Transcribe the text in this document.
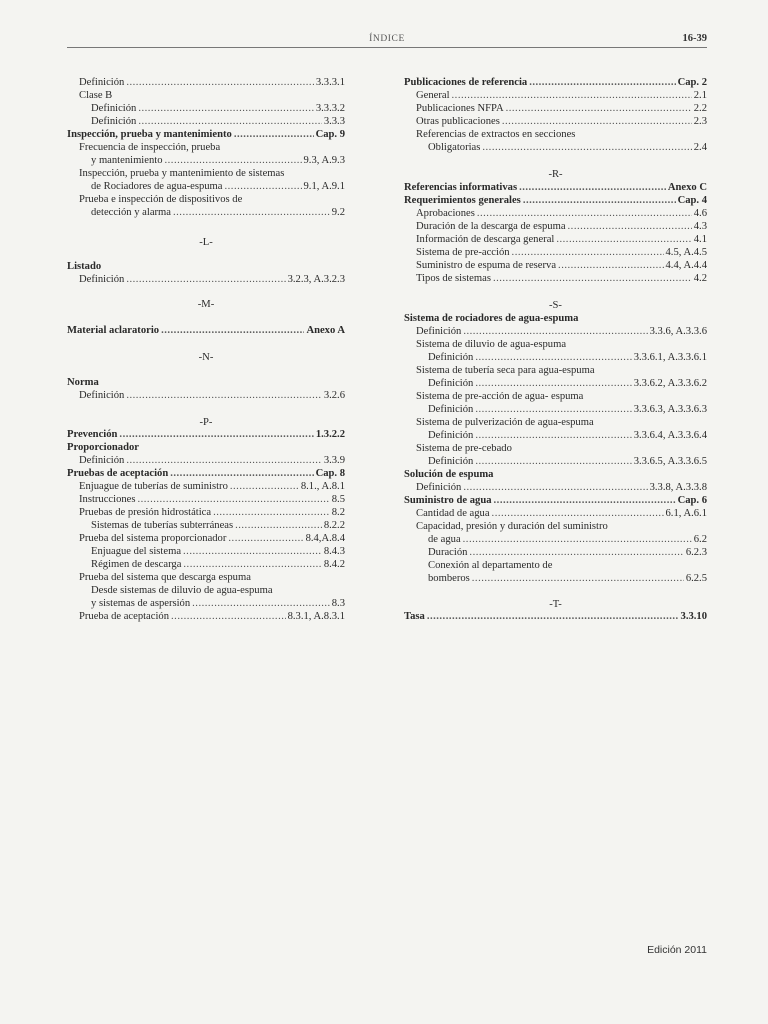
ÍNDICE	16-39
Definición .....	3.3.3.1
Clase B
Definición .....	3.3.3.2
Definición .....	3.3.3
Inspección, prueba y mantenimiento .....	Cap. 9
Frecuencia de inspección, prueba
y mantenimiento .....	9.3, A.9.3
Inspección, prueba y mantenimiento de sistemas
de Rociadores de agua-espuma .....	9.1, A.9.1
Prueba e inspección de dispositivos de
detección y alarma .....	9.2
-L-
Listado
Definición .....	3.2.3, A.3.2.3
-M-
Material aclaratorio .....	Anexo A
-N-
Norma
Definición .....	3.2.6
-P-
Prevención .....	1.3.2.2
Proporcionador
Definición .....	3.3.9
Pruebas de aceptación .....	Cap. 8
Enjuague de tuberías de suministro .....	8.1., A.8.1
Instrucciones .....	8.5
Pruebas de presión hidrostática .....	8.2
Sistemas de tuberías subterráneas .....	8.2.2
Prueba del sistema proporcionador .....	8.4,A.8.4
Enjuague del sistema .....	8.4.3
Régimen de descarga .....	8.4.2
Prueba del sistema que descarga espuma
Desde sistemas de diluvio de agua-espuma
y sistemas de aspersión .....	8.3
Prueba de aceptación .....	8.3.1, A.8.3.1
Publicaciones de referencia .....	Cap. 2
General .....	2.1
Publicaciones NFPA .....	2.2
Otras publicaciones .....	2.3
Referencias de extractos en secciones
Obligatorias .....	2.4
-R-
Referencias informativas .....	Anexo C
Requerimientos generales .....	Cap. 4
Aprobaciones .....	4.6
Duración de la descarga de espuma .....	4.3
Información de descarga general .....	4.1
Sistema de pre-acción .....	4.5, A.4.5
Suministro de espuma de reserva .....	4.4, A.4.4
Tipos de sistemas .....	4.2
-S-
Sistema de rociadores de agua-espuma
Definición .....	3.3.6, A.3.3.6
Sistema de diluvio de agua-espuma
Definición .....	3.3.6.1, A.3.3.6.1
Sistema de tubería seca para agua-espuma
Definición .....	3.3.6.2, A.3.3.6.2
Sistema de pre-acción de agua- espuma
Definición .....	3.3.6.3, A.3.3.6.3
Sistema de pulverización de agua-espuma
Definición .....	3.3.6.4, A.3.3.6.4
Sistema de pre-cebado
Definición .....	3.3.6.5, A.3.3.6.5
Solución de espuma
Definición .....	3.3.8, A.3.3.8
Suministro de agua .....	Cap. 6
Cantidad de agua .....	6.1, A.6.1
Capacidad, presión y duración del suministro
de agua .....	6.2
Duración .....	6.2.3
Conexión al departamento de
bomberos .....	6.2.5
-T-
Tasa .....	3.3.10
Edición 2011
